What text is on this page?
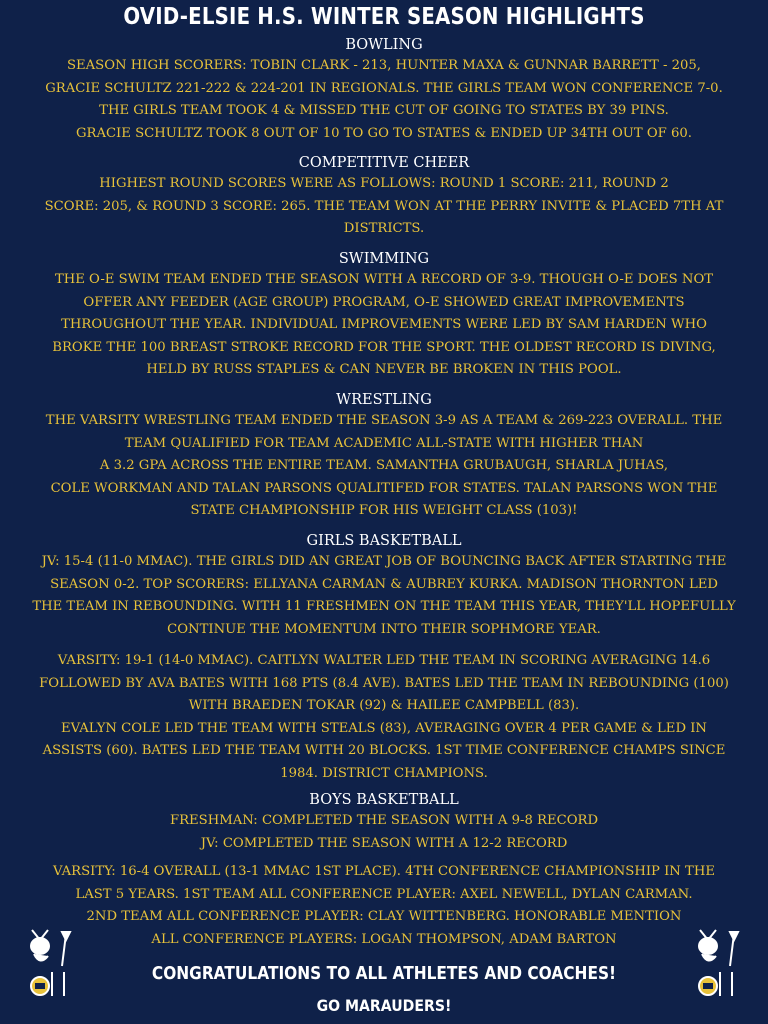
OVID-ELSIE H.S. WINTER SEASON HIGHLIGHTS

BOWLING

SEASON HIGH SCORERS: TOBIN CLARK - 213, HUNTER MAXA & GUNNAR BARRETT - 205,
GRACIE SCHULTZ 221-222 & 224-201 IN REGIONALS. THE GIRLS TEAM WON CONFERENCE 7-0.
THE GIRLS TEAM TOOK 4 & MISSED THE CUT OF GOING TO STATES BY 39 PINS.
GRACIE SCHULTZ TOOK 8 OUT OF 10 TO GO TO STATES & ENDED UP 34TH OUT OF 60.

COMPETITIVE CHEER

HIGHEST ROUND SCORES WERE AS FOLLOWS: ROUND 1 SCORE: 211, ROUND 2
SCORE: 205, & ROUND 3 SCORE: 265. THE TEAM WON AT THE PERRY INVITE & PLACED 7TH AT
DISTRICTS.

SWIMMING

THE O-E SWIM TEAM ENDED THE SEASON WITH A RECORD OF 3-9. THOUGH O-E DOES NOT
OFFER ANY FEEDER (AGE GROUP) PROGRAM, O-E SHOWED GREAT IMPROVEMENTS
THROUGHOUT THE YEAR. INDIVIDUAL IMPROVEMENTS WERE LED BY SAM HARDEN WHO
BROKE THE 100 BREAST STROKE RECORD FOR THE SPORT. THE OLDEST RECORD IS DIVING,
HELD BY RUSS STAPLES & CAN NEVER BE BROKEN IN THIS POOL.

WRESTLING

THE VARSITY WRESTLING TEAM ENDED THE SEASON 3-9 AS A TEAM & 269-223 OVERALL. THE
TEAM QUALIFIED FOR TEAM ACADEMIC ALL-STATE WITH HIGHER THAN
A 3.2 GPA ACROSS THE ENTIRE TEAM. SAMANTHA GRUBAUGH, SHARLA JUHAS,
COLE WORKMAN AND TALAN PARSONS QUALITIFED FOR STATES. TALAN PARSONS WON THE
STATE CHAMPIONSHIP FOR HIS WEIGHT CLASS (103)!

GIRLS BASKETBALL

JV: 15-4 (11-0 MMAC). THE GIRLS DID AN GREAT JOB OF BOUNCING BACK AFTER STARTING THE
SEASON 0-2. TOP SCORERS: ELLYANA CARMAN & AUBREY KURKA. MADISON THORNTON LED
THE TEAM IN REBOUNDING. WITH 11 FRESHMEN ON THE TEAM THIS YEAR, THEY'LL HOPEFULLY
CONTINUE THE MOMENTUM INTO THEIR SOPHMORE YEAR.

VARSITY: 19-1 (14-0 MMAC). CAITLYN WALTER LED THE TEAM IN SCORING AVERAGING 14.6
FOLLOWED BY AVA BATES WITH 168 PTS (8.4 AVE). BATES LED THE TEAM IN REBOUNDING (100)
WITH BRAEDEN TOKAR (92) & HAILEE CAMPBELL (83).
EVALYN COLE LED THE TEAM WITH STEALS (83), AVERAGING OVER 4 PER GAME & LED IN
ASSISTS (60). BATES LED THE TEAM WITH 20 BLOCKS. 1ST TIME CONFERENCE CHAMPS SINCE
1984. DISTRICT CHAMPIONS.

BOYS BASKETBALL

FRESHMAN: COMPLETED THE SEASON WITH A 9-8 RECORD
JV: COMPLETED THE SEASON WITH A 12-2 RECORD

VARSITY: 16-4 OVERALL (13-1 MMAC 1ST PLACE). 4TH CONFERENCE CHAMPIONSHIP IN THE
LAST 5 YEARS. 1ST TEAM ALL CONFERENCE PLAYER: AXEL NEWELL, DYLAN CARMAN.
2ND TEAM ALL CONFERENCE PLAYER: CLAY WITTENBERG. HONORABLE MENTION
ALL CONFERENCE PLAYERS: LOGAN THOMPSON, ADAM BARTON

CONGRATULATIONS TO ALL ATHLETES AND COACHES!
GO MARAUDERS!
